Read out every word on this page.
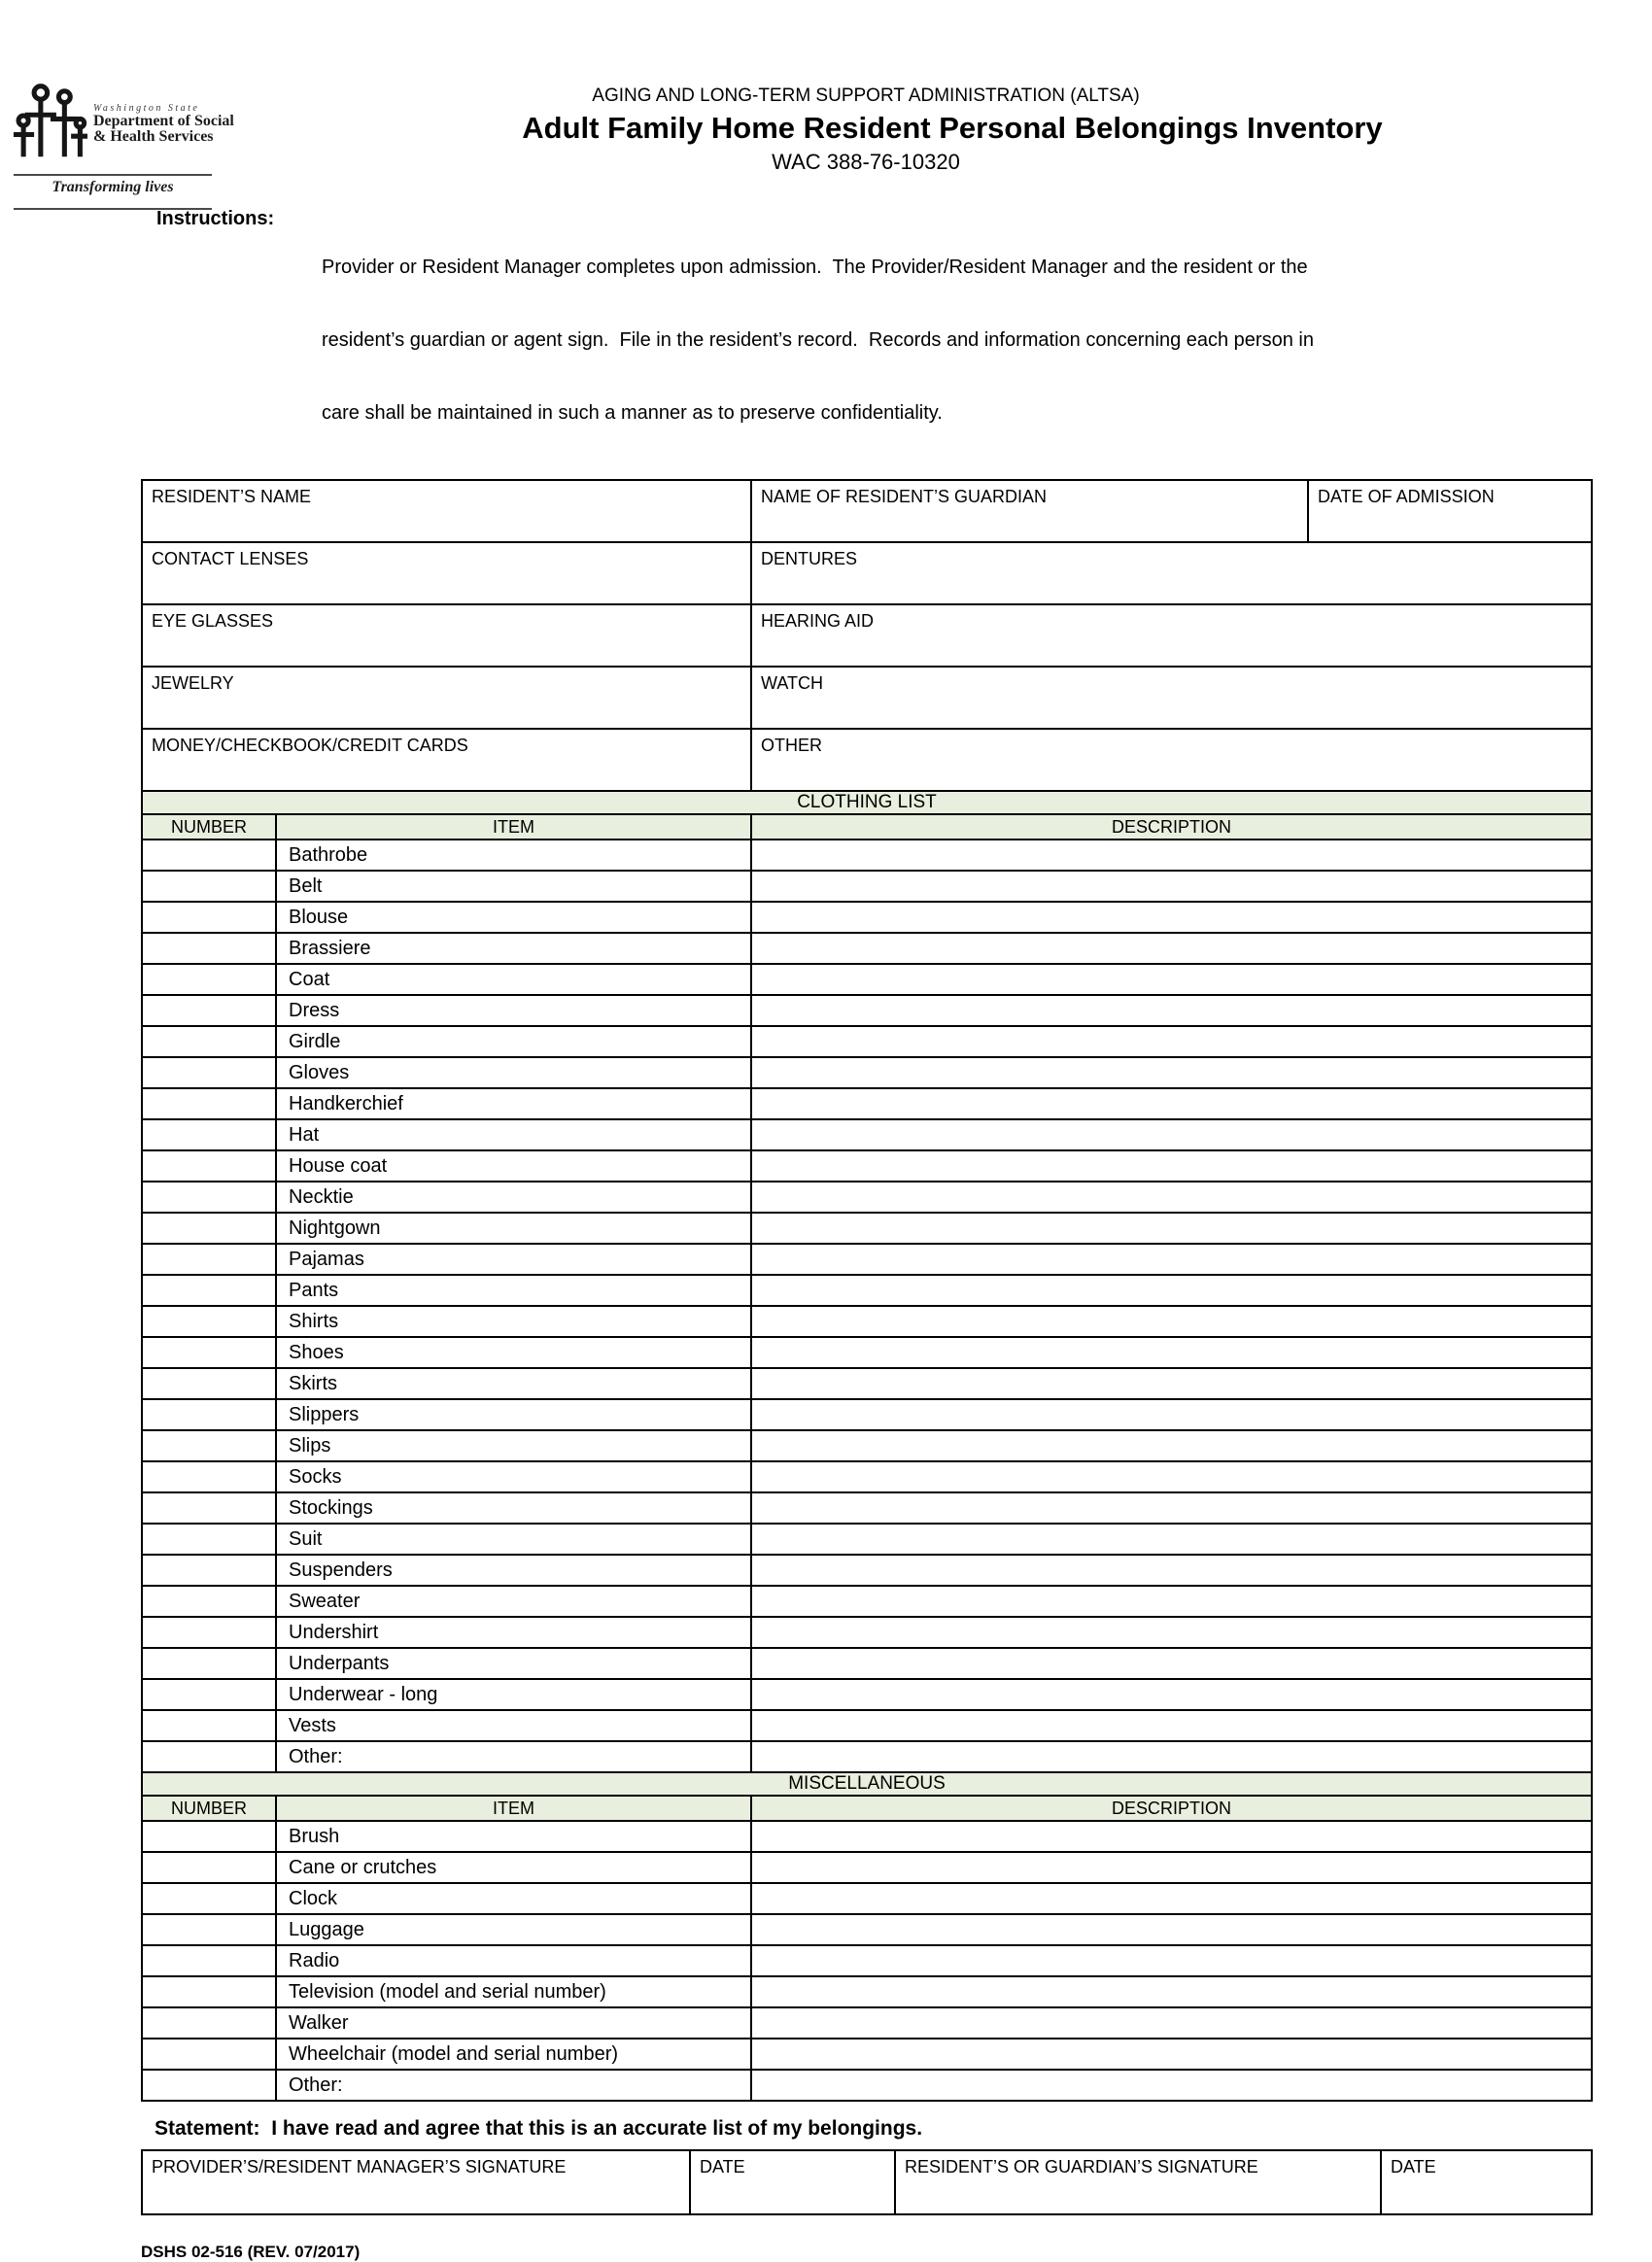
Washington State
Department of Social
& Health Services
Transforming lives
AGING AND LONG-TERM SUPPORT ADMINISTRATION (ALTSA)
Adult Family Home Resident Personal Belongings Inventory
WAC 388-76-10320
Instructions:

Provider or Resident Manager completes upon admission.  The Provider/Resident Manager and the resident or the

resident’s guardian or agent sign.  File in the resident’s record.  Records and information concerning each person in

care shall be maintained in such a manner as to preserve confidentiality.

RESIDENT’S NAME		NAME OF RESIDENT’S GUARDIAN	DATE OF ADMISSION

CONTACT LENSES		DENTURES	

EYE GLASSES		HEARING AID	

JEWELRY		WATCH	

MONEY/CHECKBOOK/CREDIT CARDS		OTHER	

CLOTHING LIST			
NUMBER	ITEM	DESCRIPTION	
	Bathrobe		
	Belt		
	Blouse		
	Brassiere		
	Coat		
	Dress		
	Girdle		
	Gloves		
	Handkerchief		
	Hat		
	House coat		
	Necktie		
	Nightgown		
	Pajamas		
	Pants		
	Shirts		
	Shoes		
	Skirts		
	Slippers		
	Slips		
	Socks		
	Stockings		
	Suit		
	Suspenders		
	Sweater		
	Undershirt		
	Underpants		
	Underwear - long		
	Vests		
	Other:		
MISCELLANEOUS			
NUMBER	ITEM	DESCRIPTION	
	Brush		
	Cane or crutches		
	Clock		
	Luggage		
	Radio		
	Television (model and serial number)		
	Walker		
	Wheelchair (model and serial number)		
	Other:		
Statement: I have read and agree that this is an accurate list of my belongings.
PROVIDER’S/RESIDENT MANAGER’S SIGNATURE	DATE	RESIDENT’S OR GUARDIAN’S SIGNATURE	DATE
DSHS 02-516 (REV. 07/2017)
